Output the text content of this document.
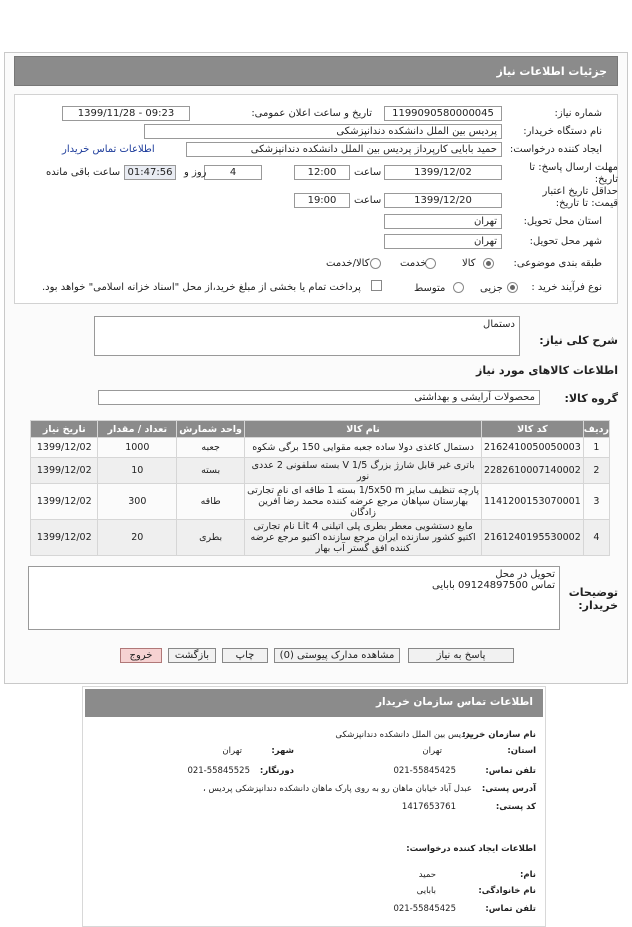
جزئیات اطلاعات نیاز
شماره نیاز:
1199090580000045
تاریخ و ساعت اعلان عمومی:
1399/11/28 - 09:23
نام دستگاه خریدار:
پردیس بین الملل دانشکده دندانپزشکی
ایجاد کننده درخواست:
حمید بابایی کارپرداز پردیس بین الملل دانشکده دندانپزشکی
اطلاعات تماس خریدار
مهلت ارسال پاسخ: تا تاریخ:
1399/12/02
ساعت
12:00
4
روز و
01:47:56
ساعت باقی مانده
حداقل تاریخ اعتبار قیمت: تا تاریخ:
1399/12/20
ساعت
19:00
استان محل تحویل:
تهران
شهر محل تحویل:
تهران
طبقه بندی موضوعی:
کالا
خدمت
کالا/خدمت
نوع فرآیند خرید :
جزیی
متوسط
پرداخت تمام یا بخشی از مبلغ خرید،از محل "اسناد خزانه اسلامی" خواهد بود.
شرح کلی نیاز:
دستمال
اطلاعات کالاهای مورد نیاز
گروه کالا:
محصولات آرایشی و بهداشتی
ردیف	کد کالا	نام کالا	واحد شمارش	تعداد / مقدار	تاریخ نیاز
1	2162410050050003	دستمال کاغذی دولا ساده جعبه مقوایی 150 برگی شکوه	جعبه	1000	1399/12/02
2	2282610007140002	باتری غیر قابل شارژ بزرگ V 1/5 بسته سلفونی 2 عددی نور	بسته	10	1399/12/02
3	1141200153070001	پارچه تنظیف سایز 1/5x50 m بسته 1 طاقه ای نام تجارتی بهارستان سپاهان مرجع عرضه کننده محمد رضا آفرین زادگان	طاقه	300	1399/12/02
4	2161240195530002	مایع دستشویی معطر بطری پلی اتیلنی 4 Lit نام تجارتی اکتیو کشور سازنده ایران مرجع سازنده اکتیو مرجع عرضه کننده افق گستر آب بهار	بطری	20	1399/12/02
توضیحات خریدار:
تحویل در محل
تماس 09124897500 بابایی
پاسخ به نیاز
مشاهده مدارک پیوستی (0)
چاپ
بازگشت
خروج
اطلاعات تماس سازمان خریدار
نام سازمان خرید:
پردیس بین الملل دانشکده دندانپزشکی
استان:
تهران
شهر:
تهران
تلفن تماس:
021-55845425
دورنگار:
021-55845525
آدرس پستی:
عبدل آباد خیابان ماهان رو به روی پارک ماهان دانشکده دندانپزشکی پردیس ،
کد پستی:
1417653761
اطلاعات ایجاد کننده درخواست:
نام:
حمید
نام خانوادگی:
بابایی
تلفن تماس:
021-55845425
